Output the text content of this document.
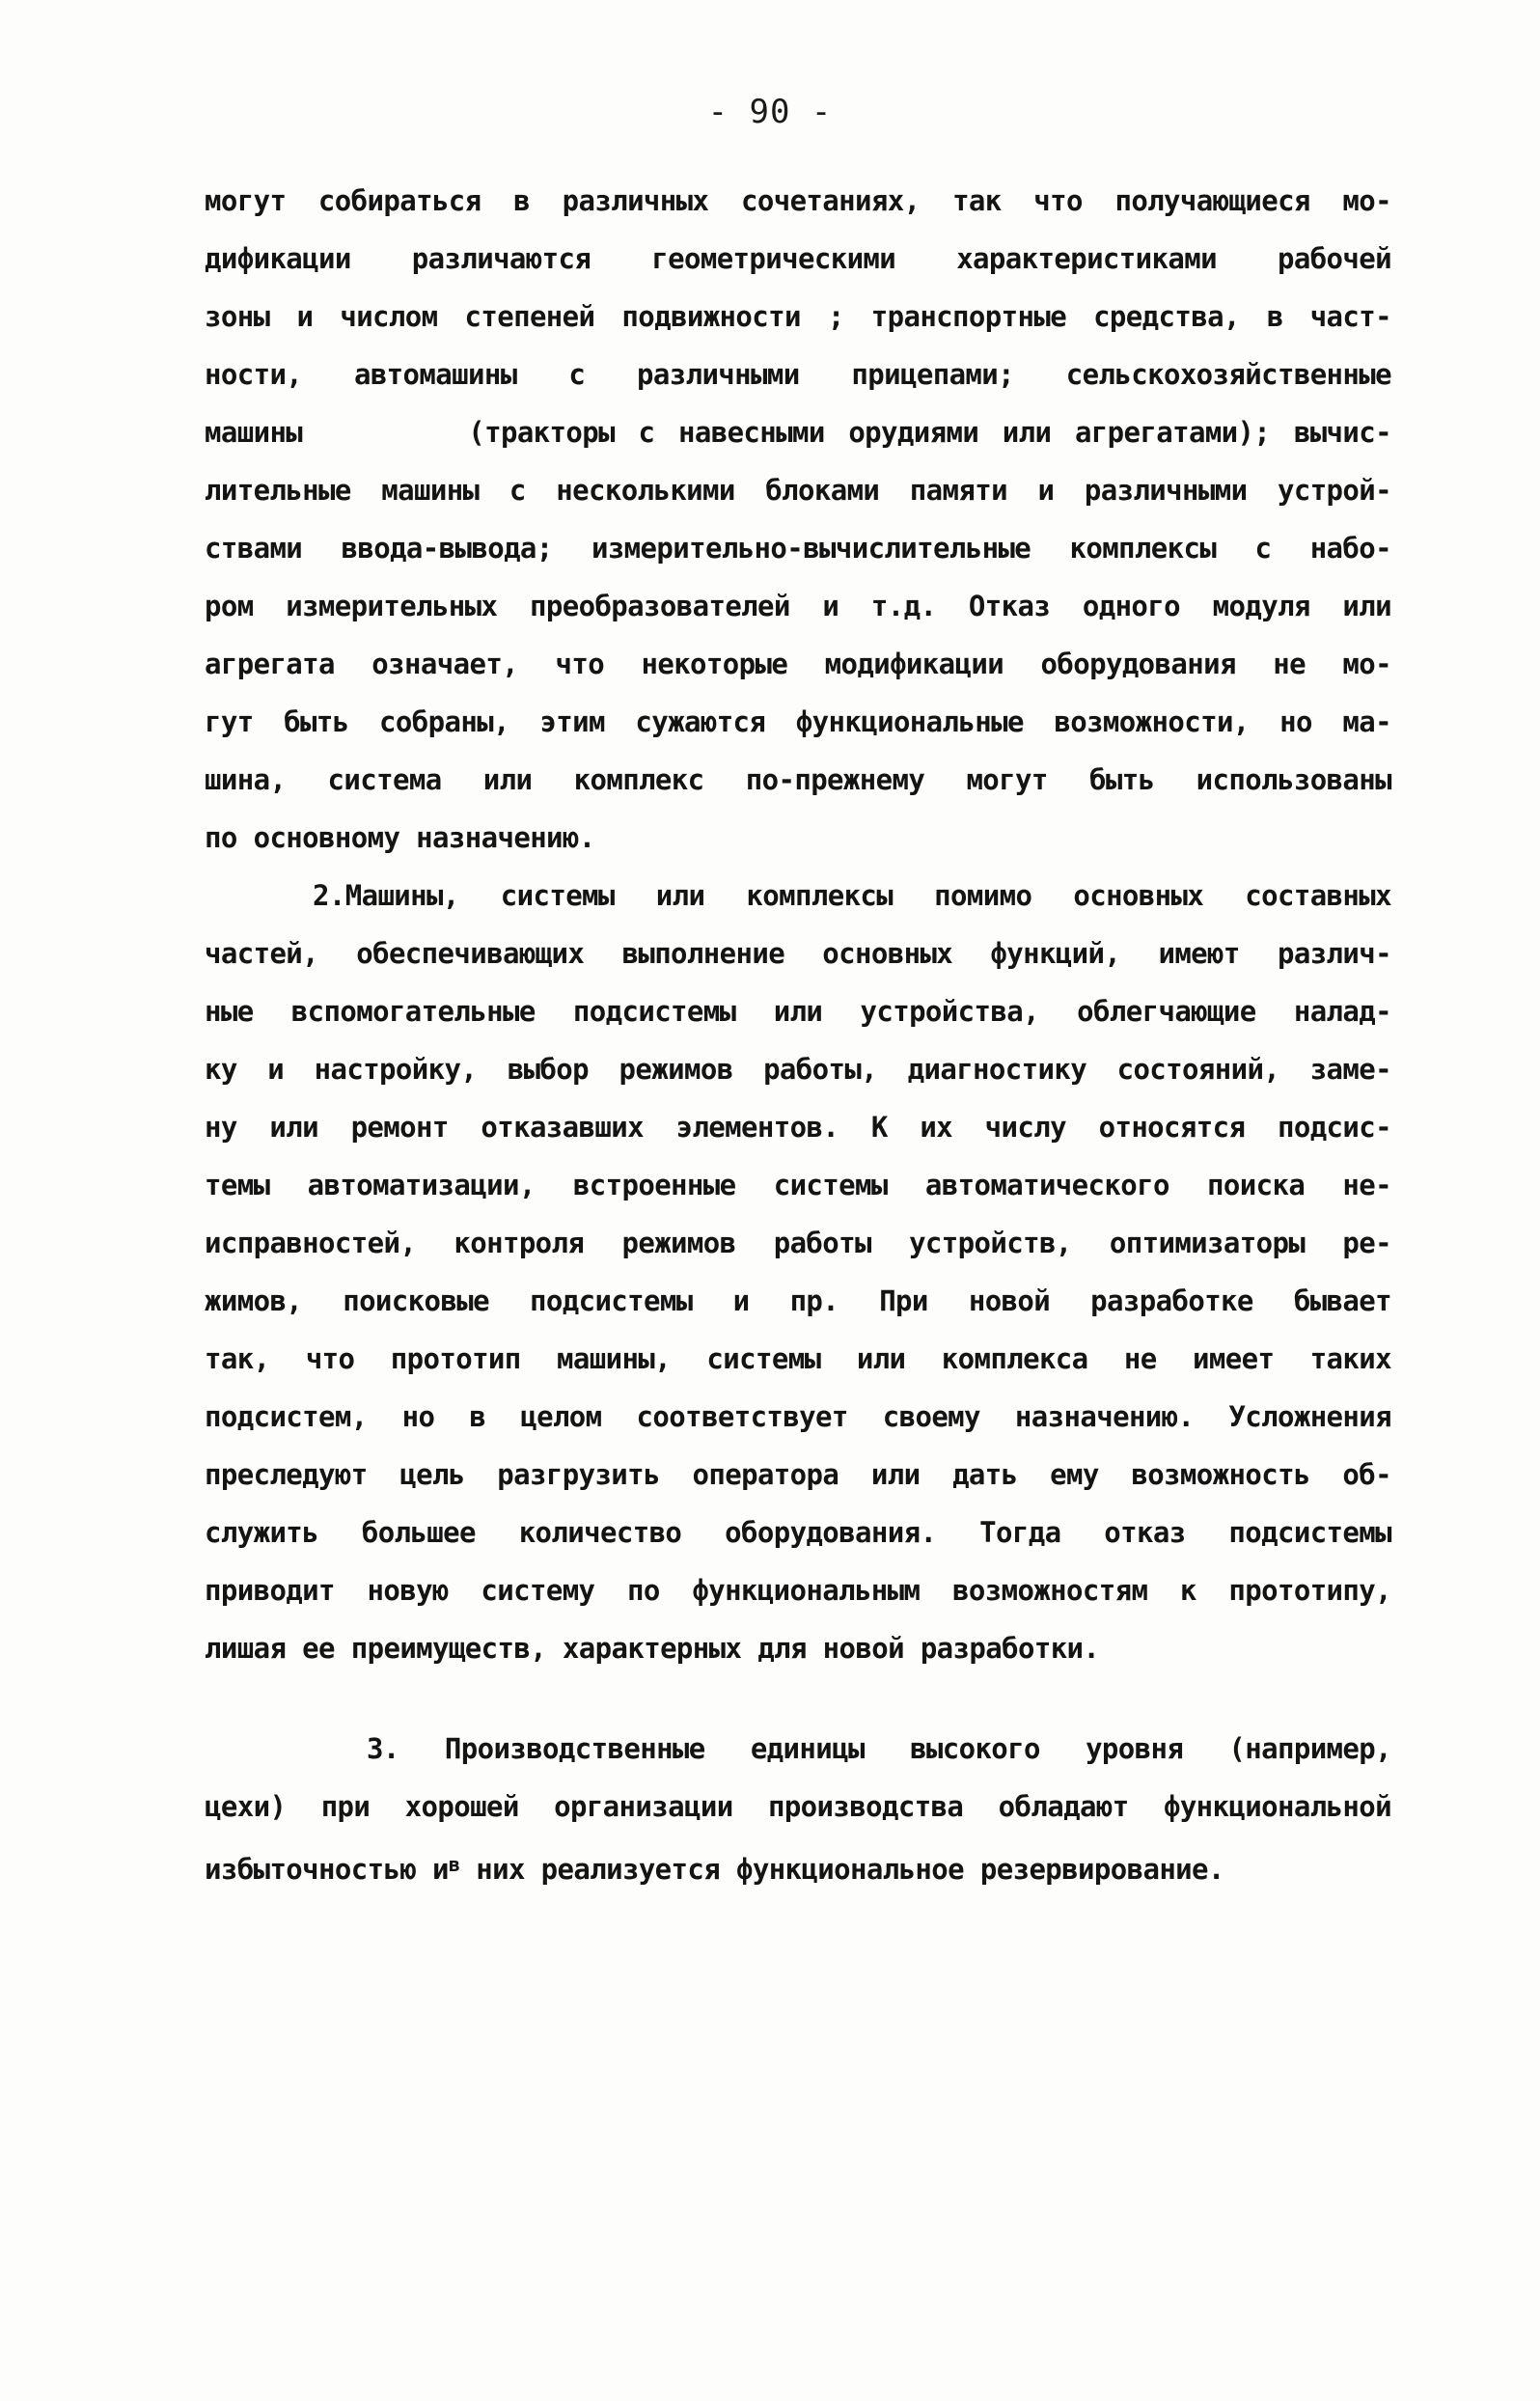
- 90 -
могут собираться в различных сочетаниях, так что получающиеся мо-
дификации различаются геометрическими характеристиками рабочей
зоны и числом степеней подвижности ; транспортные средства, в част-
ности, автомашины с различными прицепами; сельскохозяйственные
машины       (тракторы с навесными орудиями или агрегатами); вычис-
лительные машины с несколькими блоками памяти и различными устрой-
ствами ввода-вывода; измерительно-вычислительные комплексы с набо-
ром измерительных преобразователей и т.д. Отказ одного модуля или
агрегата означает, что некоторые модификации оборудования не мо-
гут быть собраны, этим сужаются функциональные возможности, но ма-
шина, система или комплекс по-прежнему могут быть использованы
по основному назначению.
2.Машины, системы или комплексы помимо основных составных
частей, обеспечивающих выполнение основных функций, имеют различ-
ные вспомогательные подсистемы или устройства, облегчающие налад-
ку и настройку, выбор режимов работы, диагностику состояний, заме-
ну или ремонт отказавших элементов. К их числу относятся подсис-
темы автоматизации, встроенные системы автоматического поиска не-
исправностей, контроля режимов работы устройств, оптимизаторы ре-
жимов, поисковые подсистемы и пр. При новой разработке бывает
так, что прототип машины, системы или комплекса не имеет таких
подсистем, но в целом соответствует своему назначению. Усложнения
преследуют цель разгрузить оператора или дать ему возможность об-
служить большее количество оборудования. Тогда отказ подсистемы
приводит новую систему по функциональным возможностям к прототипу,
лишая ее преимуществ, характерных для новой разработки.
3. Производственные единицы высокого уровня (например,
цехи) при хорошей организации производства обладают функциональной
избыточностью $и^в$ них реализуется функциональное резервирование.
